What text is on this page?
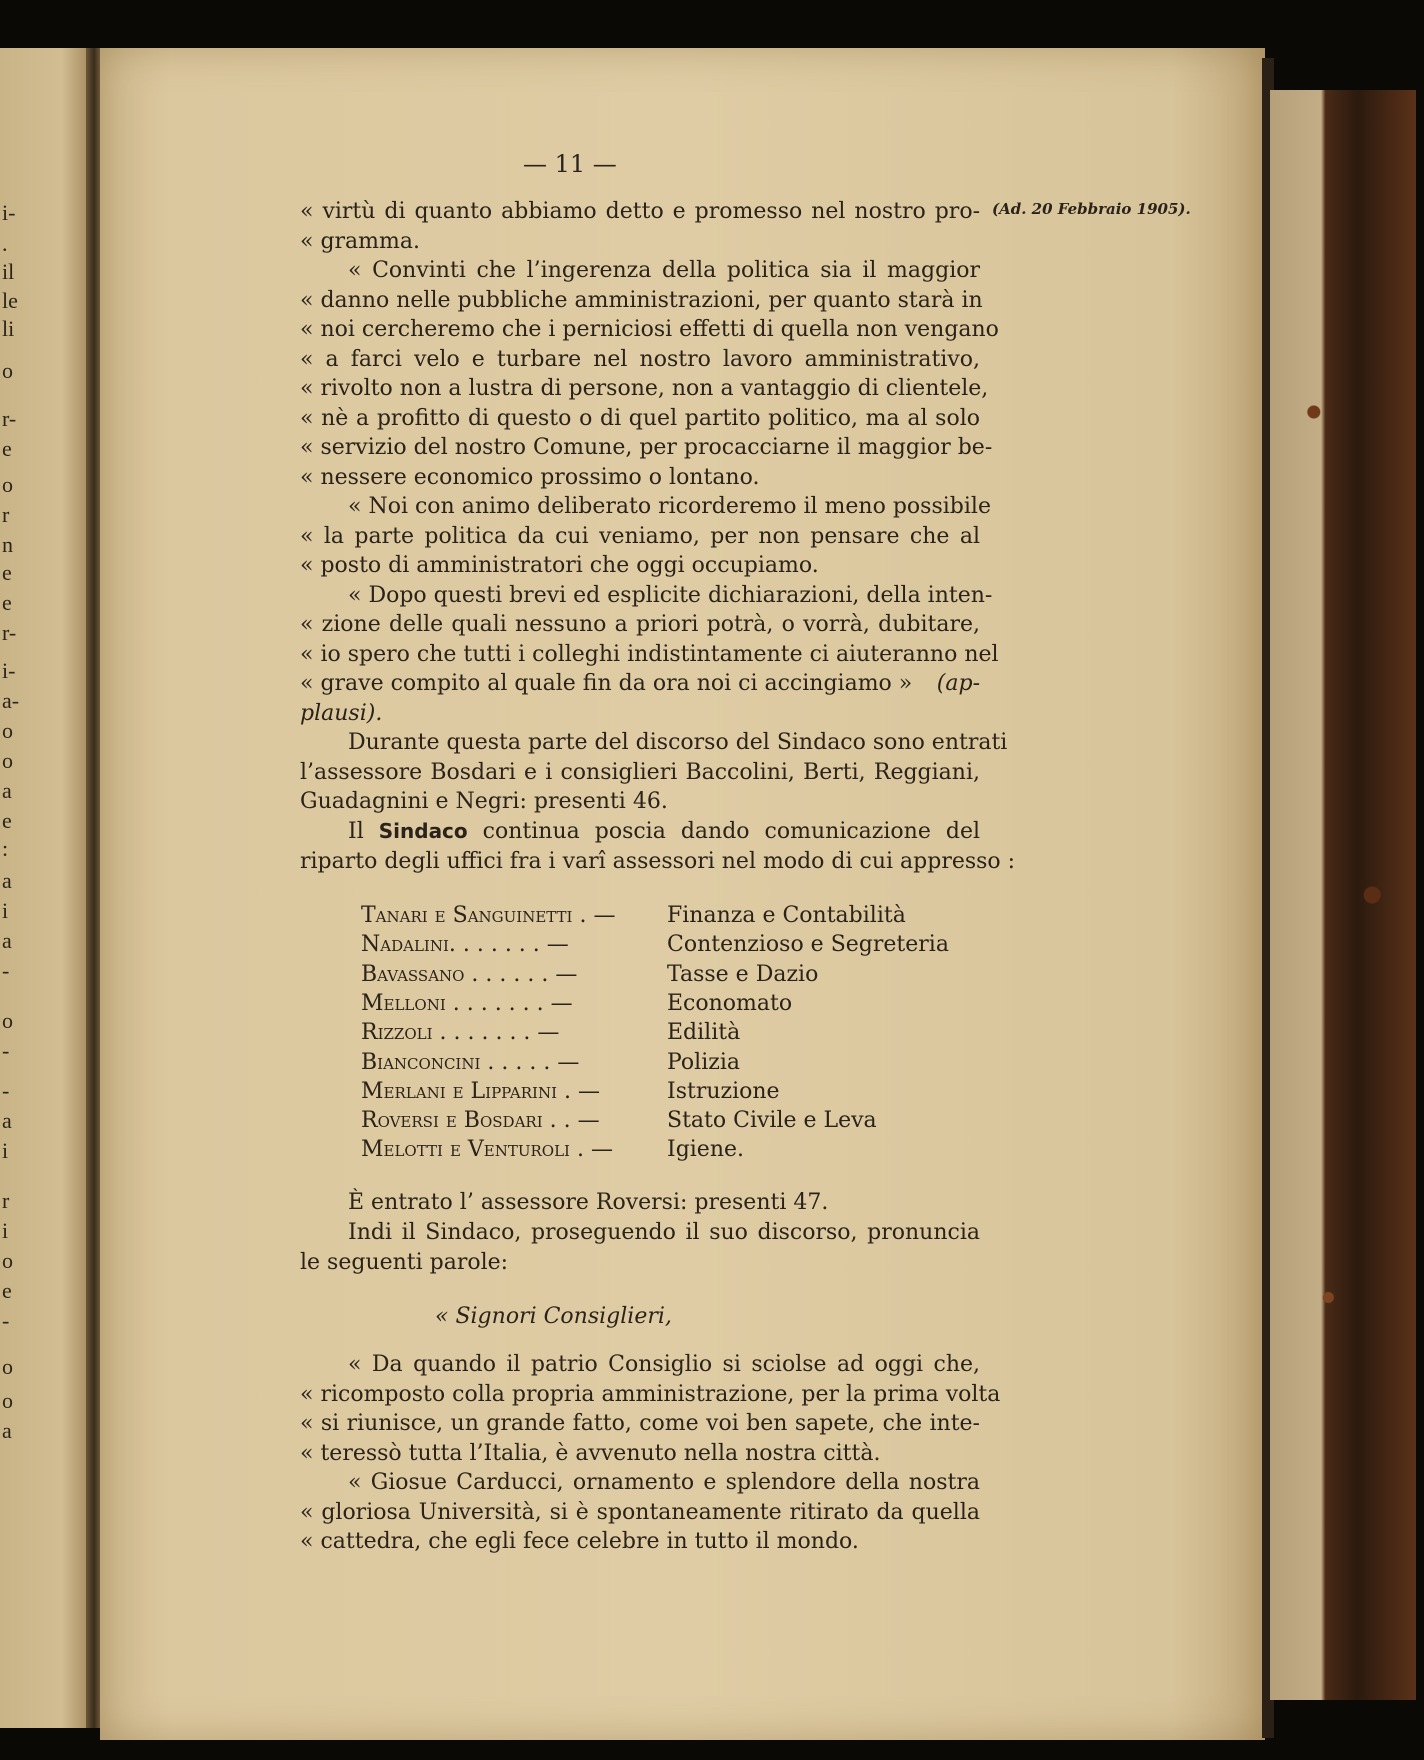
i-
.
il
le
li
o
r-
e
o
r
n
e
e
r-
i-
a-
o
o
a
e
:
a
i
a
-
o
-
-
a
i
r
i
o
e
-
o
o
a
— 11 —
(Ad. 20 Febbraio 1905).
« virtù di quanto abbiamo detto e promesso nel nostro pro-
« gramma.
« Convinti che l’ingerenza della politica sia il maggior
« danno nelle pubbliche amministrazioni, per quanto starà in
« noi cercheremo che i perniciosi effetti di quella non vengano
« a farci velo e turbare nel nostro lavoro amministrativo,
« rivolto non a lustra di persone, non a vantaggio di clientele,
« nè a profitto di questo o di quel partito politico, ma al solo
« servizio del nostro Comune, per procacciarne il maggior be-
« nessere economico prossimo o lontano.
« Noi con animo deliberato ricorderemo il meno possibile
« la parte politica da cui veniamo, per non pensare che al
« posto di amministratori che oggi occupiamo.
« Dopo questi brevi ed esplicite dichiarazioni, della inten-
« zione delle quali nessuno a priori potrà, o vorrà, dubitare,
« io spero che tutti i colleghi indistintamente ci aiuteranno nel
« grave compito al quale fin da ora noi ci accingiamo » (ap-
plausi).
Durante questa parte del discorso del Sindaco sono entrati
l’assessore Bosdari e i consiglieri Baccolini, Berti, Reggiani,
Guadagnini e Negri: presenti 46.
Il Sindaco continua poscia dando comunicazione del
riparto degli uffici fra i varî assessori nel modo di cui appresso :
Tanari e Sanguinetti . — Finanza e Contabilità
Nadalini. . . . . . . —	Contenzioso e Segreteria
Bavassano . . . . . . —	Tasse e Dazio
Melloni . . . . . . . —	Economato
Rizzoli . . . . . . . —	Edilità
Bianconcini . . . . . —	Polizia
Merlani e Lipparini . —	Istruzione
Roversi e Bosdari . . —	Stato Civile e Leva
Melotti e Venturoli . — Igiene.
È entrato l’ assessore Roversi: presenti 47.
Indi il Sindaco, proseguendo il suo discorso, pronuncia
le seguenti parole:
« Signori Consiglieri,
« Da quando il patrio Consiglio si sciolse ad oggi che,
« ricomposto colla propria amministrazione, per la prima volta
« si riunisce, un grande fatto, come voi ben sapete, che inte-
« teressò tutta l’Italia, è avvenuto nella nostra città.
« Giosue Carducci, ornamento e splendore della nostra
« gloriosa Università, si è spontaneamente ritirato da quella
« cattedra, che egli fece celebre in tutto il mondo.
